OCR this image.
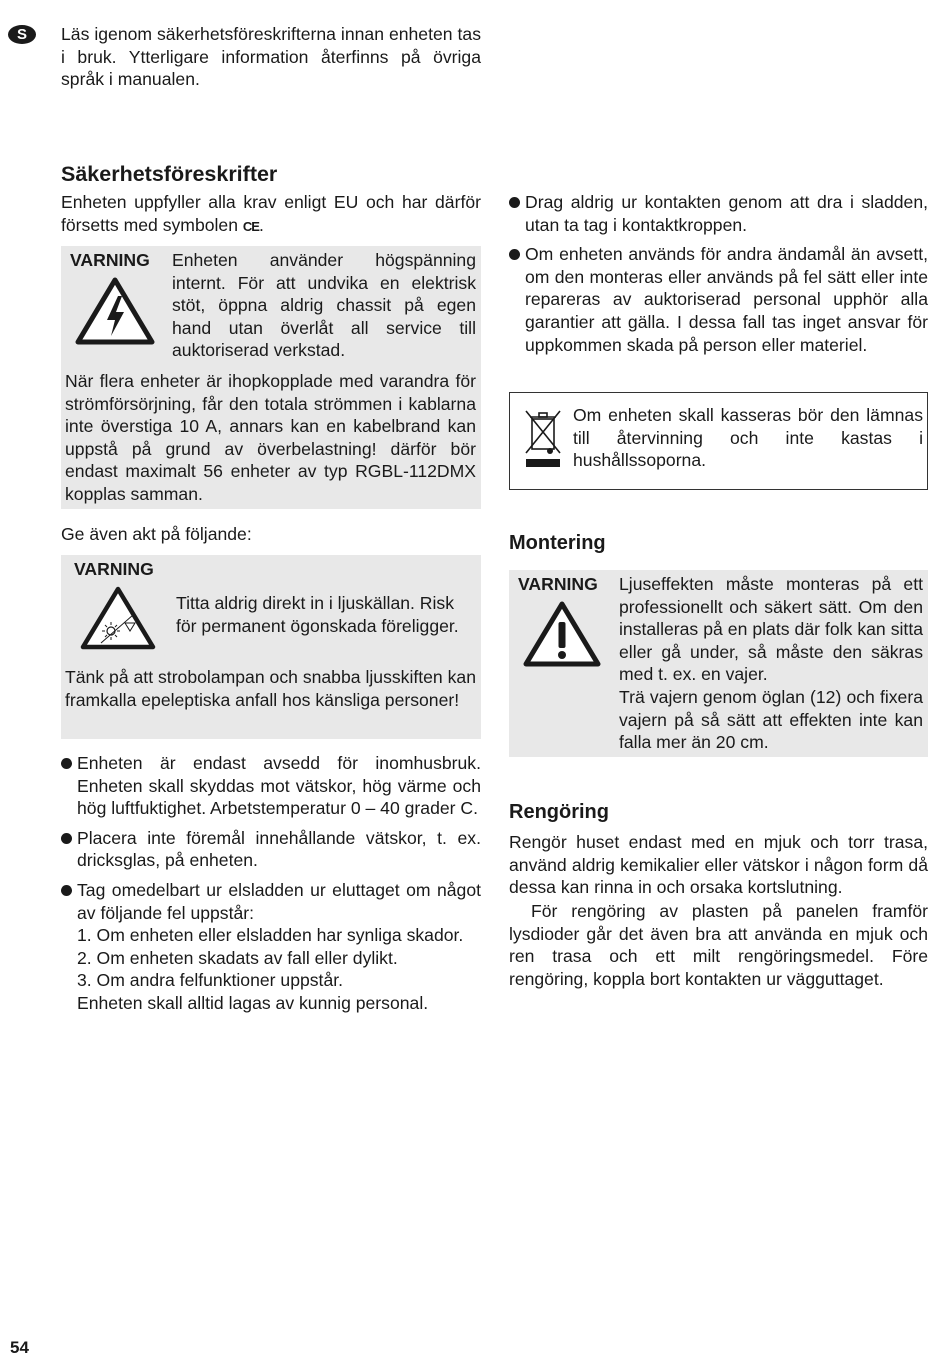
S	Läs igenom säkerhetsföreskrifterna innan enheten tas i bruk. Ytterligare information återfinns på övriga språk i manualen.

Säkerhetsföreskrifter

Enheten uppfyller alla krav enligt EU och har därför försetts med symbolen CE.

VARNING Enheten använder högspänning internt. För att undvika en elektrisk stöt, öppna aldrig chassit på egen hand utan överlåt all service till auktoriserad verkstad.

När flera enheter är ihopkopplade med varandra för strömförsörjning, får den totala strömmen i kablarna inte överstiga 10 A, annars kan en kabelbrand kan uppstå på grund av överbelastning! därför bör endast maximalt 56 enheter av typ RGBL-112DMX kopplas samman.

Ge även akt på följande:

VARNING

Titta aldrig direkt in i ljuskällan. Risk för permanent ögonskada föreligger.

Tänk på att strobolampan och snabba ljusskiften kan framkalla epeleptiska anfall hos känsliga personer!

Enheten är endast avsedd för inomhusbruk. Enheten skall skyddas mot vätskor, hög värme och hög luftfuktighet. Arbetstemperatur 0 – 40 grader C.
Placera inte föremål innehållande vätskor, t. ex. dricksglas, på enheten.
Tag omedelbart ur elsladden ur eluttaget om något av följande fel uppstår:
1. Om enheten eller elsladden har synliga skador.
2. Om enheten skadats av fall eller dylikt.
3. Om andra felfunktioner uppstår.
Enheten skall alltid lagas av kunnig personal.
Drag aldrig ur kontakten genom att dra i sladden, utan ta tag i kontaktkroppen.
Om enheten används för andra ändamål än avsett, om den monteras eller används på fel sätt eller inte repareras av auktoriserad personal upphör alla garantier att gälla. I dessa fall tas inget ansvar för uppkommen skada på person eller materiel.

Om enheten skall kasseras bör den lämnas till återvinning och inte kastas i hushållssoporna.

Montering
VARNING Ljuseffekten måste monteras på ett professionellt och säkert sätt. Om den installeras på en plats där folk kan sitta eller gå under, så måste den säkras med t. ex. en vajer.

Trä vajern genom öglan (12) och fixera vajern på så sätt att effekten inte kan falla mer än 20 cm.

Rengöring

Rengör huset endast med en mjuk och torr trasa, använd aldrig kemikalier eller vätskor i någon form då dessa kan rinna in och orsaka kortslutning.

För rengöring av plasten på panelen framför lysdioder går det även bra att använda en mjuk och ren trasa och ett milt rengöringsmedel. Före rengöring, koppla bort kontakten ur vägguttaget.

54
